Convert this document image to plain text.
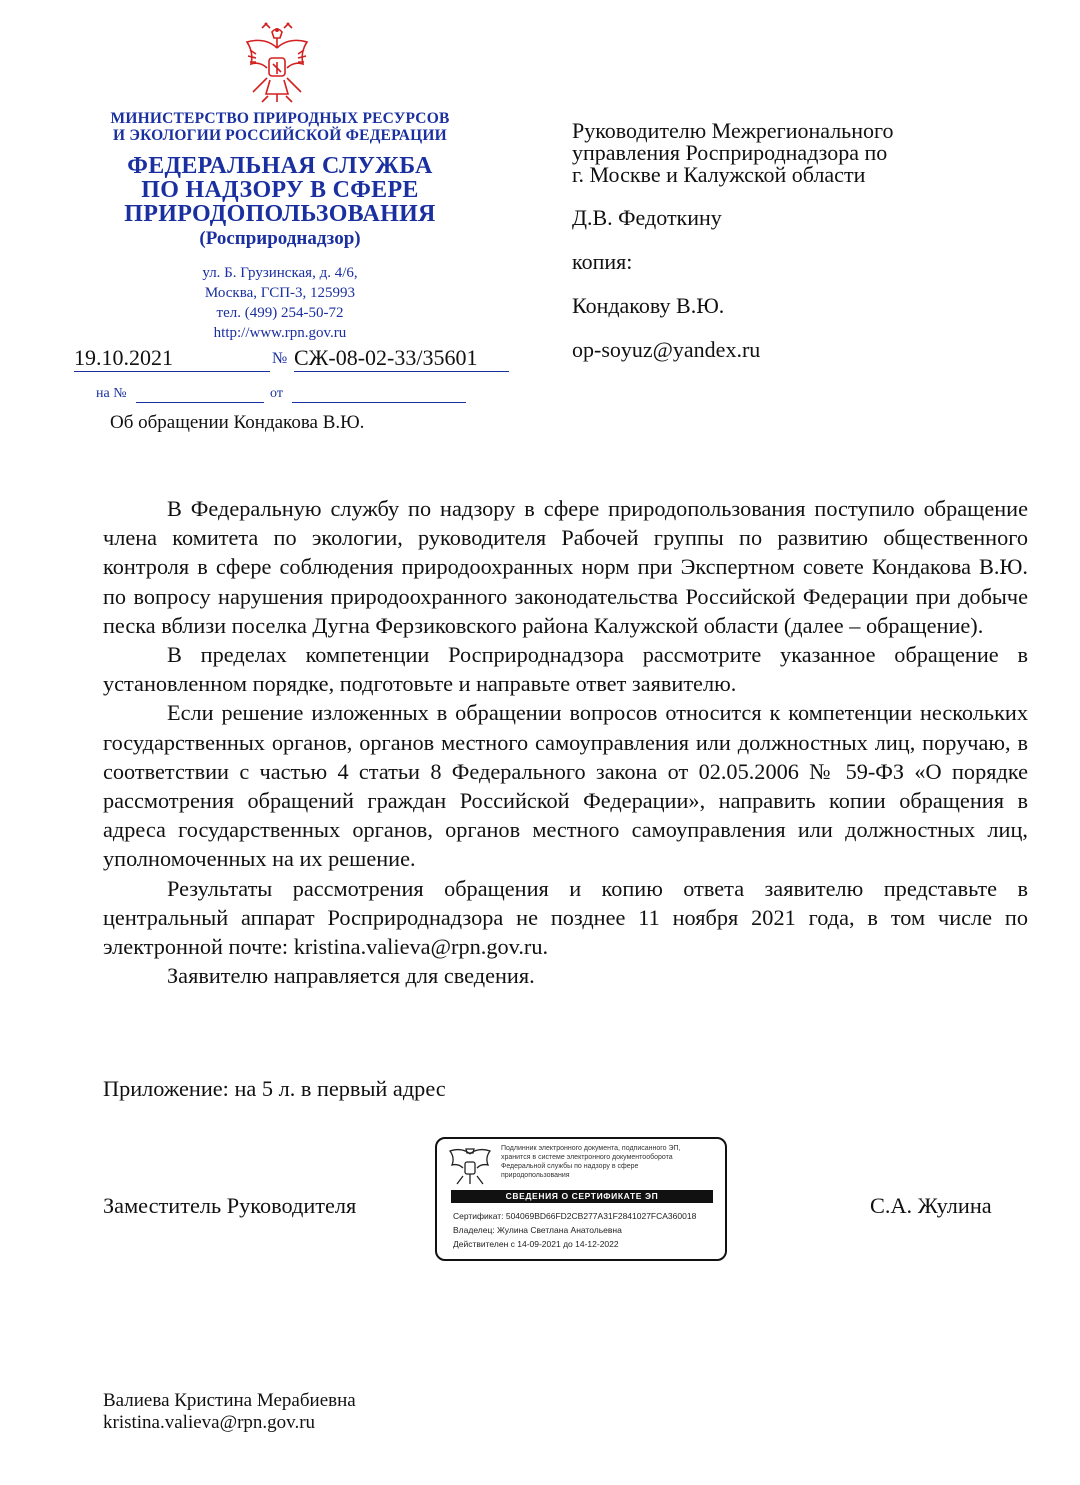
МИНИСТЕРСТВО ПРИРОДНЫХ РЕСУРСОВ
И ЭКОЛОГИИ РОССИЙСКОЙ ФЕДЕРАЦИИ
ФЕДЕРАЛЬНАЯ СЛУЖБА
ПО НАДЗОРУ В СФЕРЕ
ПРИРОДОПОЛЬЗОВАНИЯ
(Росприроднадзор)
ул. Б. Грузинская, д. 4/6,
Москва, ГСП-3, 125993
тел. (499) 254-50-72
http://www.rpn.gov.ru
19.10.2021	№ СЖ-08-02-33/35601
на №	от
Об обращении Кондакова В.Ю.
Руководителю Межрегионального
управления Росприроднадзора по
г. Москве и Калужской области
Д.В. Федоткину
копия:
Кондакову В.Ю.
op-soyuz@yandex.ru

В Федеральную службу по надзору в сфере природопользования поступило обращение члена комитета по экологии, руководителя Рабочей группы по развитию общественного контроля в сфере соблюдения природоохранных норм при Экспертном совете Кондакова В.Ю. по вопросу нарушения природоохранного законодательства Российской Федерации при добыче песка вблизи поселка Дугна Ферзиковского района Калужской области (далее – обращение).

В пределах компетенции Росприроднадзора рассмотрите указанное обращение в установленном порядке, подготовьте и направьте ответ заявителю.

Если решение изложенных в обращении вопросов относится к компетенции нескольких государственных органов, органов местного самоуправления или должностных лиц, поручаю, в соответствии с частью 4 статьи 8 Федерального закона от 02.05.2006 № 59-ФЗ «О порядке рассмотрения обращений граждан Российской Федерации», направить копии обращения в адреса государственных органов, органов местного самоуправления или должностных лиц, уполномоченных на их решение.

Результаты рассмотрения обращения и копию ответа заявителю представьте в центральный аппарат Росприроднадзора не позднее 11 ноября 2021 года, в том числе по электронной почте: kristina.valieva@rpn.gov.ru.

Заявителю направляется для сведения.

Приложение: на 5 л. в первый адрес
Заместитель Руководителя
Подлинник электронного документа, подписанного ЭП,
хранится в системе электронного документооборота
Федеральной службы по надзору в сфере
природопользования
СВЕДЕНИЯ О СЕРТИФИКАТЕ ЭП
Сертификат: 504069BD66FD2CB277A31F2841027FCA360018
Владелец: Жулина Светлана Анатольевна
Действителен с 14-09-2021 до 14-12-2022
С.А. Жулина
Валиева Кристина Мерабиевна
kristina.valieva@rpn.gov.ru
